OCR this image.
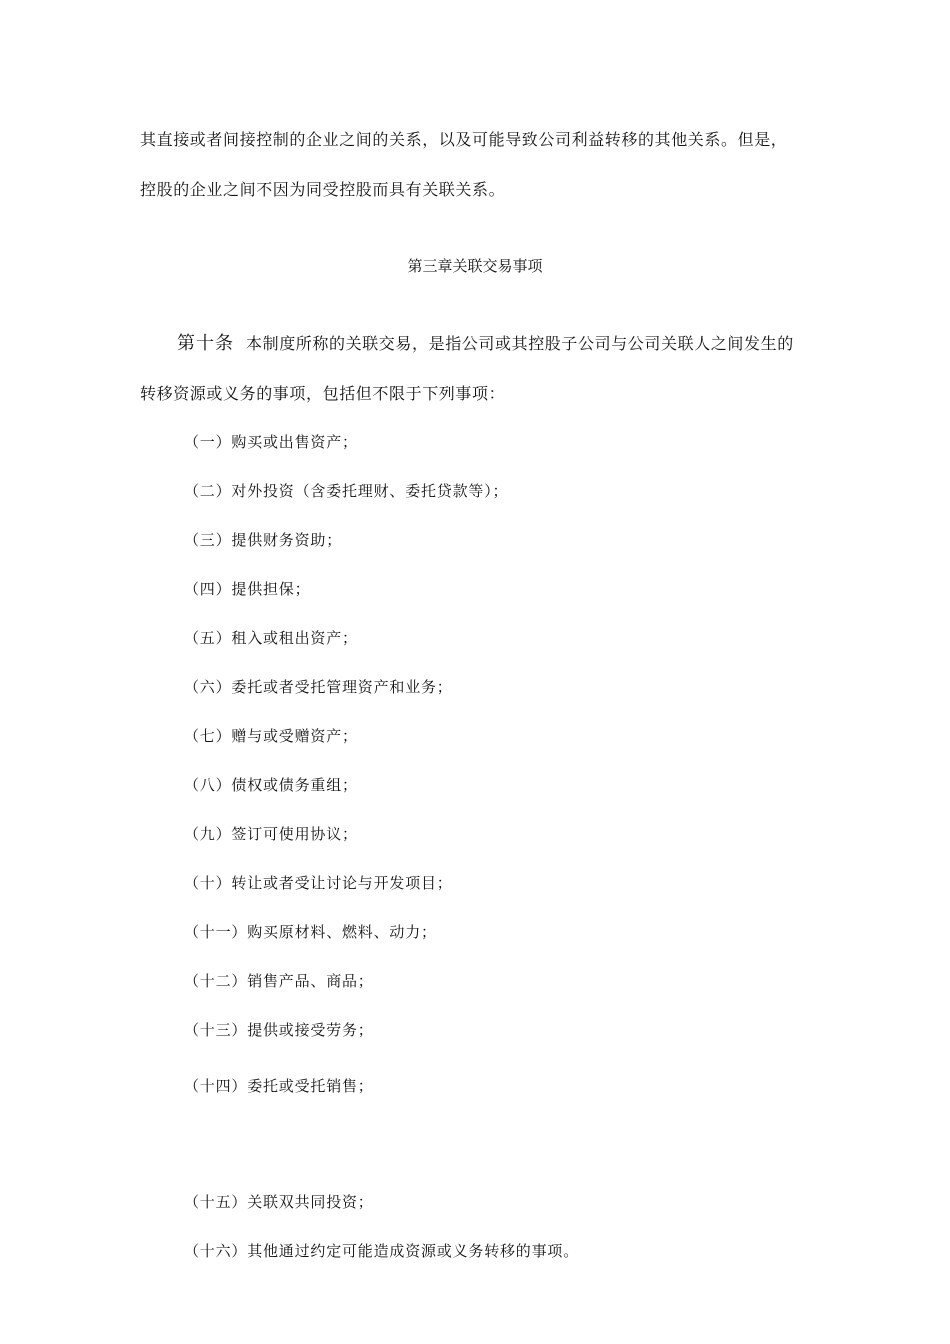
其直接或者间接控制的企业之间的关系，以及可能导致公司利益转移的其他关系。但是，
控股的企业之间不因为同受控股而具有关联关系。
第三章关联交易事项
第十条 本制度所称的关联交易，是指公司或其控股子公司与公司关联人之间发生的
转移资源或义务的事项，包括但不限于下列事项：
（一）购买或出售资产；
（二）对外投资（含委托理财、委托贷款等）；
（三）提供财务资助；
（四）提供担保；
（五）租入或租出资产；
（六）委托或者受托管理资产和业务；
（七）赠与或受赠资产；
（八）债权或债务重组；
（九）签订可使用协议；
（十）转让或者受让讨论与开发项目；
（十一）购买原材料、燃料、动力；
（十二）销售产品、商品；
（十三）提供或接受劳务；
（十四）委托或受托销售；
（十五）关联双共同投资；
（十六）其他通过约定可能造成资源或义务转移的事项。
